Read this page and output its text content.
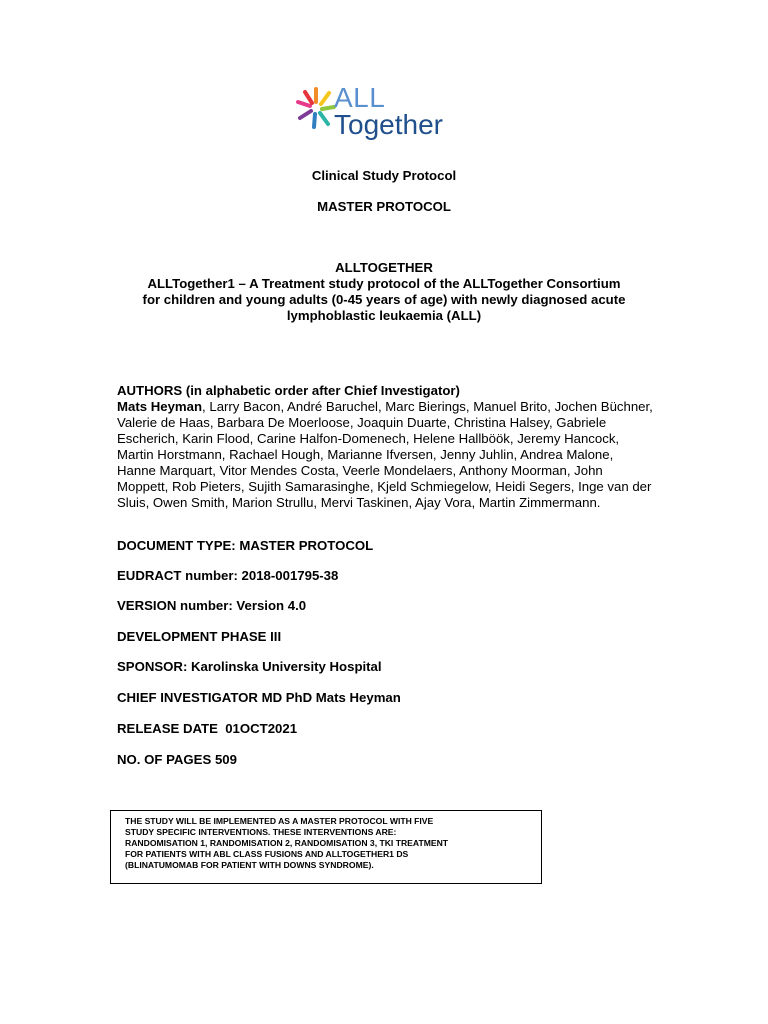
ALL
Together
Clinical Study Protocol
MASTER PROTOCOL
ALLTOGETHER
ALLTogether1 – A Treatment study protocol of the ALLTogether Consortium
for children and young adults (0-45 years of age) with newly diagnosed acute
lymphoblastic leukaemia (ALL)
AUTHORS (in alphabetic order after Chief Investigator)
Mats Heyman, Larry Bacon, André Baruchel, Marc Bierings, Manuel Brito, Jochen Büchner, Valerie de Haas, Barbara De Moerloose, Joaquin Duarte, Christina Halsey, Gabriele Escherich, Karin Flood, Carine Halfon-Domenech, Helene Hallböök, Jeremy Hancock, Martin Horstmann, Rachael Hough, Marianne Ifversen, Jenny Juhlin, Andrea Malone, Hanne Marquart, Vitor Mendes Costa, Veerle Mondelaers, Anthony Moorman, John Moppett, Rob Pieters, Sujith Samarasinghe, Kjeld Schmiegelow, Heidi Segers, Inge van der Sluis, Owen Smith, Marion Strullu, Mervi Taskinen, Ajay Vora, Martin Zimmermann.
DOCUMENT TYPE: MASTER PROTOCOL
EUDRACT number: 2018-001795-38
VERSION number: Version 4.0
DEVELOPMENT PHASE III
SPONSOR: Karolinska University Hospital
CHIEF INVESTIGATOR MD PhD Mats Heyman
RELEASE DATE  01OCT2021
NO. OF PAGES 509
THE STUDY WILL BE IMPLEMENTED AS A MASTER PROTOCOL WITH FIVE
STUDY SPECIFIC INTERVENTIONS. THESE INTERVENTIONS ARE:
RANDOMISATION 1, RANDOMISATION 2, RANDOMISATION 3, TKI TREATMENT
FOR PATIENTS WITH ABL CLASS FUSIONS AND ALLTOGETHER1 DS
(BLINATUMOMAB FOR PATIENT WITH DOWNS SYNDROME).
